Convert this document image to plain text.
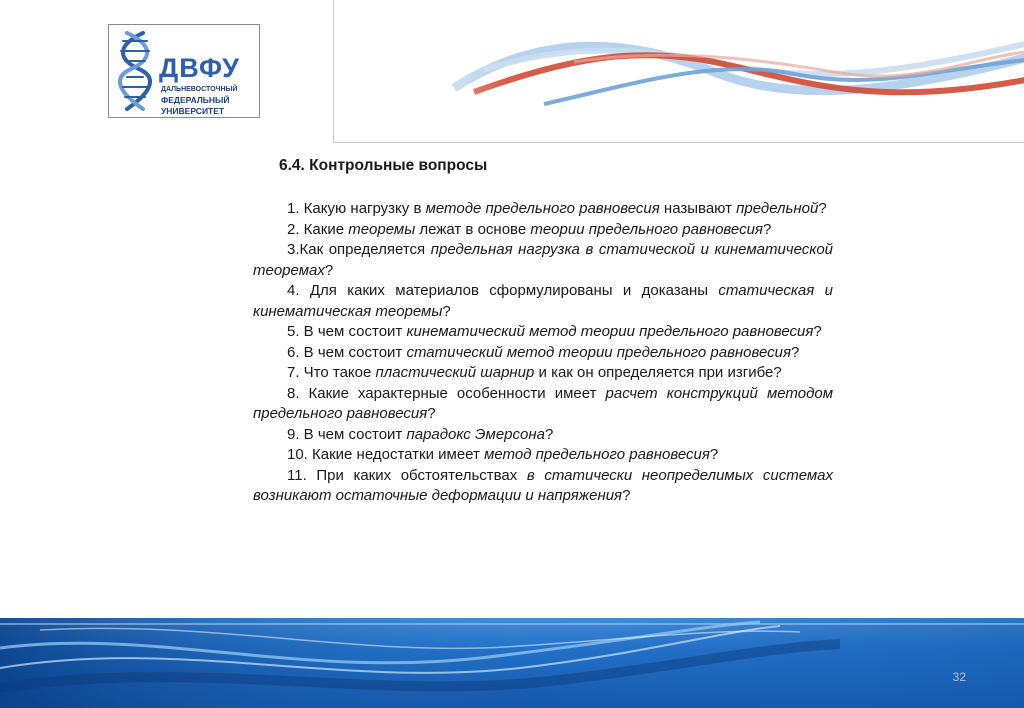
ДВФУ
ДАЛЬНЕВОСТОЧНЫЙ
ФЕДЕРАЛЬНЫЙ
УНИВЕРСИТЕТ
6.4. Контрольные вопросы

1. Какую нагрузку в методе предельного равновесия называют предельной?

2. Какие теоремы лежат в основе теории предельного равновесия?

3.Как определяется предельная нагрузка в статической и кинематической теоремах?

4. Для каких материалов сформулированы и доказаны статическая и кинематическая теоремы?

5. В чем состоит кинематический метод теории предельного равновесия?

6. В чем состоит статический метод теории предельного равновесия?

7. Что такое пластический шарнир и как он определяется при изгибе?

8. Какие характерные особенности имеет расчет конструкций методом предельного равновесия?

9. В чем состоит парадокс Эмерсона?

10. Какие недостатки имеет метод предельного равновесия?

11. При каких обстоятельствах в статически неопределимых системах возникают остаточные деформации и напряжения?

32
